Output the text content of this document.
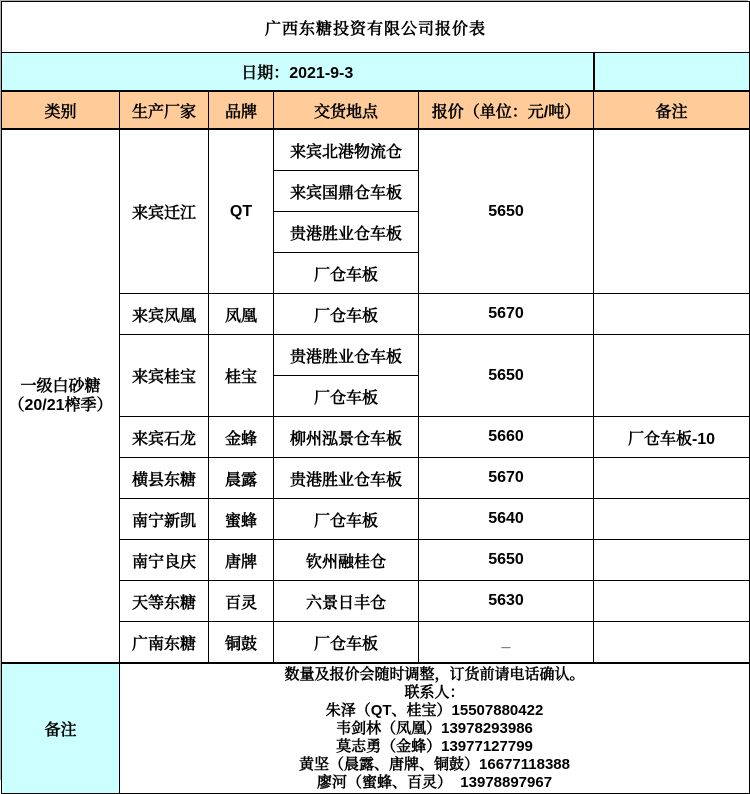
广西东糖投资有限公司报价表					
日期：2021-9-3					
类别	生产厂家	品牌	交货地点	报价（单位：元/吨）	备注

一级白砂糖
（20/21榨季）	来宾迁江	QT	来宾北港物流仓	5650	
			来宾国鼎仓车板		
			贵港胜业仓车板		
			厂仓车板		
	来宾凤凰	凤凰	厂仓车板	5670	
	来宾桂宝	桂宝	贵港胜业仓车板	5650	
			厂仓车板		
	来宾石龙	金蜂	柳州泓景仓车板	5660	厂仓车板-10
	横县东糖	晨露	贵港胜业仓车板	5670	
	南宁新凯	蜜蜂	厂仓车板	5640	
	南宁良庆	唐牌	钦州融桂仓	5650	
	天等东糖	百灵	六景日丰仓	5630	
	广南东糖	铜鼓	厂仓车板	_	
备注	
数量及报价会随时调整，订货前请电话确认。
联系人：
朱泽（QT、桂宝）15507880422
韦剑林（凤凰）13978293986
莫志勇（金蜂）13977127799
黄坚（晨露、唐牌、铜鼓）16677118388
廖河（蜜蜂、百灵）  13978897967
